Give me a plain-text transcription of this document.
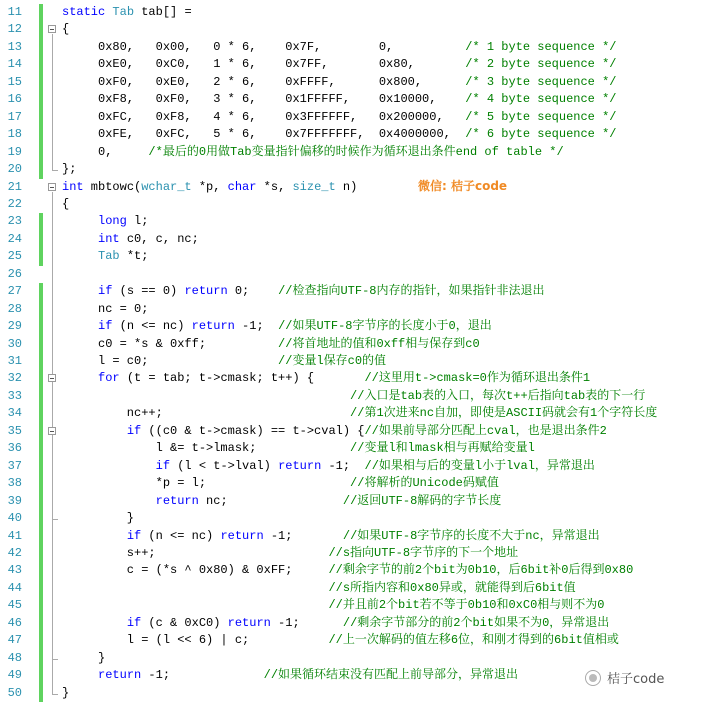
11	static Tab tab[] =
12	{
13	0x80,   0x00,   0 * 6,    0x7F,        0,          /* 1 byte sequence */
14	0xE0,   0xC0,   1 * 6,    0x7FF,       0x80,       /* 2 byte sequence */
15	0xF0,   0xE0,   2 * 6,    0xFFFF,      0x800,      /* 3 byte sequence */
16	0xF8,   0xF0,   3 * 6,    0x1FFFFF,    0x10000,    /* 4 byte sequence */
17	0xFC,   0xF8,   4 * 6,    0x3FFFFFF,   0x200000,   /* 5 byte sequence */
18	0xFE,   0xFC,   5 * 6,    0x7FFFFFFF,  0x4000000,  /* 6 byte sequence */
19	0,     /*最后的0用做Tab变量指针偏移的时候作为循环退出条件end of table */
20	};
21	int mbtowc(wchar_t *p, char *s, size_t n)
22	{
23	long l;
24	int c0, c, nc;
25	Tab *t;
26
27	if (s == 0) return 0;    //检查指向UTF-8内存的指针，如果指针非法退出
28	nc = 0;
29	if (n <= nc) return -1;  //如果UTF-8字节序的长度小于0，退出
30	c0 = *s & 0xff;          //将首地址的值和0xff相与保存到c0
31	l = c0;                  //变量l保存c0的值
32	for (t = tab; t->cmask; t++) {       //这里用t->cmask=0作为循环退出条件1
33	//入口是tab表的入口，每次t++后指向tab表的下一行
34	nc++;                          //第1次进来nc自加，即使是ASCII码就会有1个字符长度
35	if ((c0 & t->cmask) == t->cval) {//如果前导部分匹配上cval，也是退出条件2
36	l &= t->lmask;             //变量l和lmask相与再赋给变量l
37	if (l < t->lval) return -1;  //如果相与后的变量l小于lval，异常退出
38	*p = l;                    //将解析的Unicode码赋值
39	return nc;                //返回UTF-8解码的字节长度
40	}
41	if (n <= nc) return -1;       //如果UTF-8字节序的长度不大于nc，异常退出
42	s++;                        //s指向UTF-8字节序的下一个地址
43	c = (*s ^ 0x80) & 0xFF;     //剩余字节的前2个bit为0b10，后6bit补0后得到0x80
44	//s所指内容和0x80异或，就能得到后6bit值
45	//并且前2个bit若不等于0b10和0xC0相与则不为0
46	if (c & 0xC0) return -1;      //剩余字节部分的前2个bit如果不为0，异常退出
47	l = (l << 6) | c;           //上一次解码的值左移6位，和刚才得到的6bit值相或
48	}
49	return -1;             //如果循环结束没有匹配上前导部分，异常退出
50	}
微信: 桔子code
桔子code
